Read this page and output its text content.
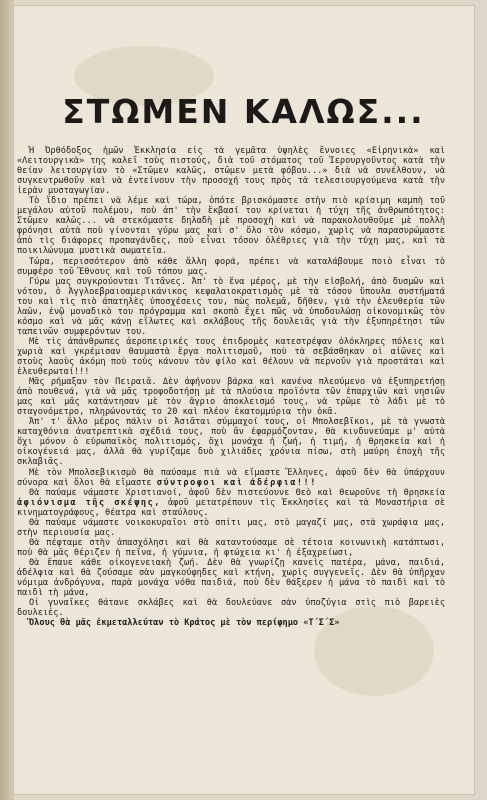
ΣΤΩΜΕΝ ΚΑΛΩΣ...

Ἡ Ὀρθόδοξος ἡμῶν Ἐκκλησία εἰς τὰ γεμᾶτα ὑψηλὲς ἔννοιες «Εἰρηνικὰ» καὶ «Λειτουργικὰ» της καλεῖ τοὺς πιστούς, διὰ τοῦ στόματος τοῦ Ἱερουργοῦντος κατὰ τὴν θείαν λειτουργίαν τὸ «Στῶμεν καλῶς, στῶμεν μετὰ φόβου...» διὰ νὰ συνέλθουν, νὰ συγκεντρωθοῦν καὶ νὰ ἐντείνουν τὴν προσοχή τους πρὸς τὰ τελεσιουργούμενα κατὰ τὴν ἱερὰν μυσταγωγίαν.

Τὸ ἴδιο πρέπει νὰ λέμε καὶ τώρα, ὁπότε βρισκόμαστε στὴν πιὸ κρίσιμη καμπὴ τοῦ μεγάλου αὐτοῦ πολέμου, ποὺ ἀπ' τὴν ἔκβασί του κρίνεται ἡ τύχη τῆς ἀνθρωπότητος: Στῶμεν καλῶς... νὰ στεκόμαστε δηλαδὴ μὲ προσοχὴ καὶ νὰ παρακολουθοῦμε μὲ πολλὴ φρόνησι αὐτὰ ποὺ γίνονται γύρω μας καὶ σ' ὅλο τὸν κόσμο, χωρὶς νὰ παρασυρώμαστε ἀπὸ τὶς διάφορες προπαγάνδες, ποὺ εἶναι τόσον ὀλέθριες γιὰ τὴν τύχη μας, καὶ τὰ ποικιλώνυμα μυστικὰ σωματεῖα.

Τώρα, περισσότερον ἀπὸ κάθε ἄλλη φορά, πρέπει νὰ καταλάβουμε ποιὸ εἶναι τὸ συμφέρο τοῦ Ἔθνους καὶ τοῦ τόπου μας.

Γύρω μας συγκρούονται Τιτᾶνες. Ἀπ' τὸ ἕνα μέρος, μὲ τὴν εἰσβολή, ἀπὸ δυσμῶν καὶ νότου, ὁ Ἀγγλοεβραιοαμερικάνικος κεφαλαιοκρατισμὸς μὲ τὰ τόσον ὕπουλα συστήματά του καὶ τὶς πιὸ ἀπατηλὲς ὑποσχέσεις του, πὼς πολεμᾶ, δῆθεν, γιὰ τὴν ἐλευθερία τῶν λαῶν, ἐνῷ μοναδικὸ του πρόγραμμα καὶ σκοπὸ ἔχει πῶς νὰ ὑποδουλώσῃ οἰκονομικῶς τὸν κόσμο καὶ νὰ μᾶς κάνῃ εἵλωτες καὶ σκλάβους τῆς δουλειᾶς γιὰ τὴν ἐξυπηρέτησι τῶν ταπεινῶν συμφερόντων του.

Μὲ τὶς ἀπάνθρωπες ἀεροπειρικές τους ἐπιδρομὲς κατεστρέψαν ὁλόκληρες πόλεις καὶ χωριὰ καὶ γκρέμισαν θαυμαστὰ ἔργα πολιτισμοῦ, ποὺ τὰ σεβάσθηκαν οἱ αἰῶνες καὶ στοὺς λαοὺς ἀκόμη ποὺ τοὺς κάνουν τὸν φίλο καὶ θέλουν νὰ περνοῦν γιὰ προστάται καὶ ἐλευθερωταί!!!

Μᾶς ρήμαξαν τὸν Πειραιᾶ. Δὲν ἀφήνουν βάρκα καὶ κανένα πλεούμενο νὰ ἐξυπηρετήσῃ ἀπὸ πουθενά, γιὰ νὰ μᾶς τροφοδοτήσῃ μὲ τὰ πλούσια προϊόντα τῶν ἐπαρχιῶν καὶ νησιῶν μας καὶ μᾶς κατάντησαν μὲ τὸν ἄγριο ἀποκλεισμό τους, νὰ τρῶμε τὸ λάδι μὲ τὸ σταγονόμετρο, πληρώνοντάς το 20 καὶ πλέον ἑκατομμύρια τὴν ὀκᾶ.

Ἀπ' τ' ἄλλο μέρος πάλιν οἱ Ἀσιᾶται σύμμαχοί τους, οἱ Μπολσεβῖκοι, μὲ τὰ γνωστὰ καταχθόνια ἀνατρεπτικὰ σχέδιά τους, ποὺ ἂν ἐφαρμόζονταν, θὰ κινδυνεύαμε μ' αὐτὰ ὄχι μόνον ὁ εὐρωπαϊκὸς πολιτισμός, ὄχι μονάχα ἡ ζωή, ἡ τιμή, ἡ θρησκεία καὶ ἡ οἰκογένειά μας, ἀλλὰ θὰ γυρίζαμε δυὸ χιλιάδες χρόνια πίσω, στὴ μαύρη ἐποχὴ τῆς σκλαβιᾶς.

Μὲ τὸν Μπολσεβικισμὸ θὰ παύσαμε πιὰ νὰ εἴμαστε Ἕλληνες, ἀφοῦ δὲν θὰ ὑπάρχουν σύνορα καὶ ὅλοι θὰ εἴμαστε σύντροφοι καὶ ἀδέρφια!!!

Θὰ παύαμε νάμαστε Χριστιανοί, ἀφοῦ δὲν πιστεύουνε Θεὸ καὶ θεωροῦνε τὴ θρησκεία ἀφιόνισμα τῆς σκέψης, ἀφοῦ μετατρέπουν τὶς Ἐκκλησίες καὶ τὰ Μοναστήρια σὲ κινηματογράφους, θέατρα καὶ σταύλους.

Θὰ παύαμε νάμαστε νοικοκυραῖοι στὸ σπίτι μας, στὸ μαγαζί μας, στὰ χωράφια μας, στὴν περιουσία μας.

Θὰ πέφταμε στὴν ἀπασχόλησι καὶ θὰ καταντούσαμε σὲ τέτοια κοινωνικὴ κατάπτωσι, ποὺ θὰ μᾶς θέριζεν ἡ πεῖνα, ἡ γύμνια, ἡ φτώχεια κι' ἡ ἐξαχρείωσι,

Θὰ ἔπαυε κάθε οἰκογενειακὴ ζωή. Δὲν θὰ γνωρίζῃ κανεὶς πατέρα, μάνα, παιδιά, ἀδέλφια καὶ θὰ ζούσαμε σὰν μαγκούφηδες καὶ κτήνη, χωρὶς συγγενεῖς. Δὲν θὰ ὑπῆρχαν νόμιμα ἀνδρόγυνα, παρὰ μονάχα νόθα παιδιά, ποὺ δὲν θάξερεν ἡ μάνα τὸ παιδὶ καὶ τὸ παιδὶ τὴ μάνα,

Οἱ γυναῖκες θάτανε σκλάβες καὶ θὰ δουλεύανε σὰν ὑποζύγια στὶς πιὸ βαρειὲς δουλειές.

Ὅλους θὰ μᾶς ἐκμεταλλεύταν τὸ Κράτος μὲ τὸν περίφημο «Τ΄Σ΄Σ»
